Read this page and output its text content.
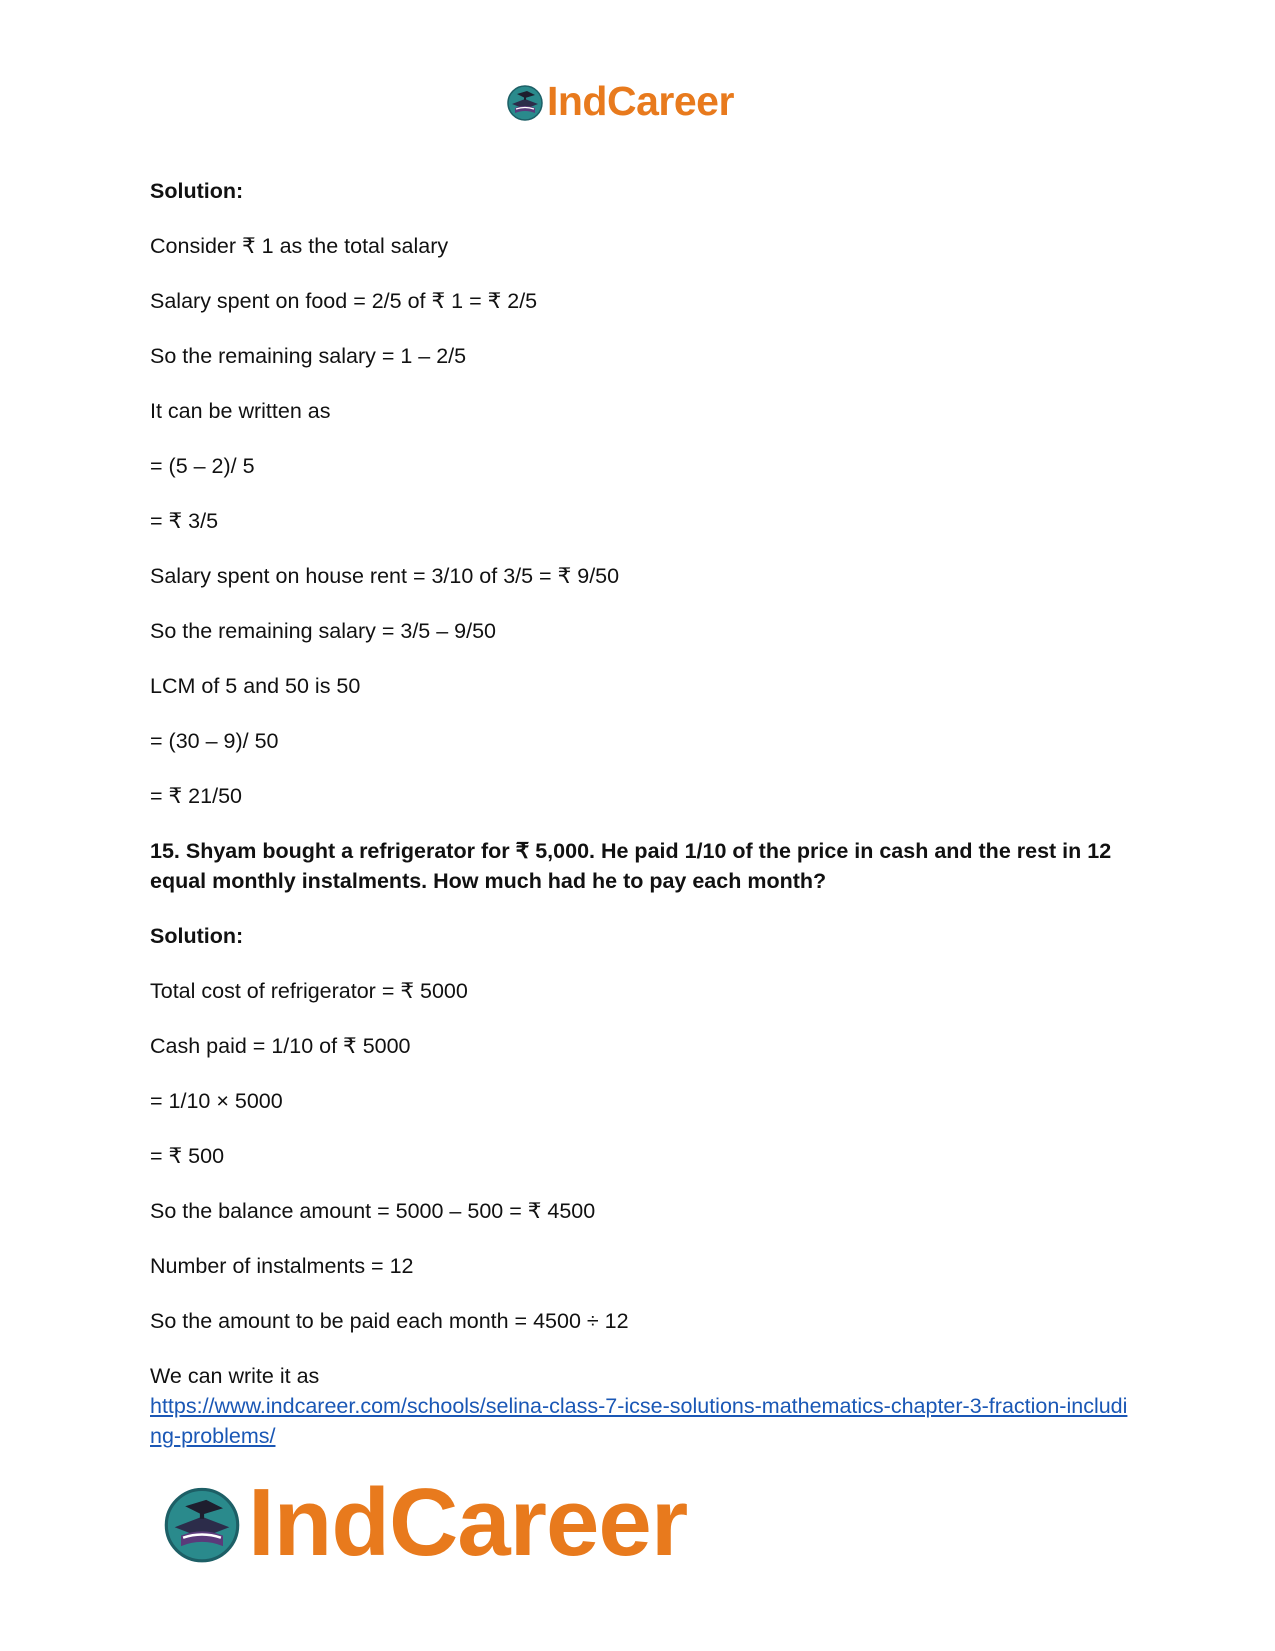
IndCareer
Solution:
Consider ₹ 1 as the total salary
Salary spent on food = 2/5 of ₹ 1 = ₹ 2/5
So the remaining salary = 1 – 2/5
It can be written as
= (5 – 2)/ 5
= ₹ 3/5
Salary spent on house rent = 3/10 of 3/5 = ₹ 9/50
So the remaining salary = 3/5 – 9/50
LCM of 5 and 50 is 50
= (30 – 9)/ 50
= ₹ 21/50
15. Shyam bought a refrigerator for ₹ 5,000. He paid 1/10 of the price in cash and the rest in 12 equal monthly instalments. How much had he to pay each month?
Solution:
Total cost of refrigerator = ₹ 5000
Cash paid = 1/10 of ₹ 5000
= 1/10 × 5000
= ₹ 500
So the balance amount = 5000 – 500 = ₹ 4500
Number of instalments = 12
So the amount to be paid each month = 4500 ÷ 12
We can write it as
https://www.indcareer.com/schools/selina-class-7-icse-solutions-mathematics-chapter-3-fraction-including-problems/
IndCareer
